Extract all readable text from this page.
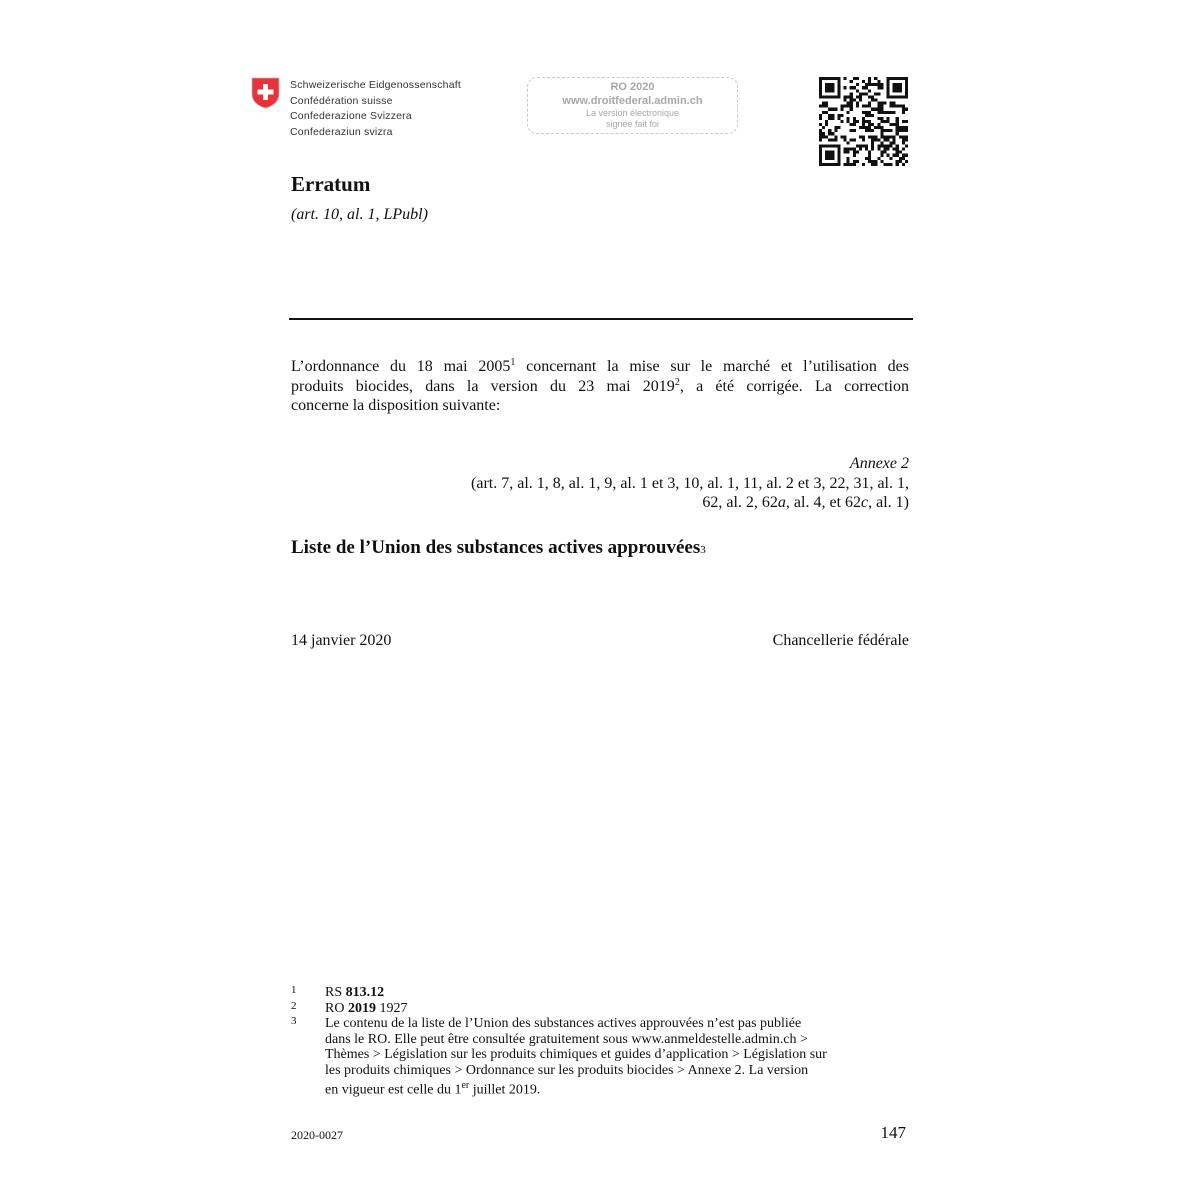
Schweizerische Eidgenossenschaft
Confédération suisse
Confederazione Svizzera
Confederaziun svizra
RO 2020
www.droitfederal.admin.ch
La version électronique
signée fait foi
Erratum
(art. 10, al. 1, LPubl)
L’ordonnance du 18 mai 2005$^1$ concernant la mise sur le marché et l’utilisation des
produits biocides, dans la version du 23 mai 2019$^2$, a été corrigée. La correction
concerne la disposition suivante:
Annexe 2
(art. 7, al. 1, 8, al. 1, 9, al. 1 et 3, 10, al. 1, 11, al. 2 et 3, 22, 31, al. 1,
62, al. 2, 62a, al. 4, et 62c, al. 1)
Liste de l’Union des substances actives approuvées3
14 janvier 2020	Chancellerie fédérale
1 RS 813.12
2 RO 2019 1927
3 Le contenu de la liste de l’Union des substances actives approuvées n’est pas publiée
dans le RO. Elle peut être consultée gratuitement sous www.anmeldestelle.admin.ch >
Thèmes > Législation sur les produits chimiques et guides d’application > Législation sur
les produits chimiques > Ordonnance sur les produits biocides > Annexe 2. La version
en vigueur est celle du 1er juillet 2019.
2020-0027	147
